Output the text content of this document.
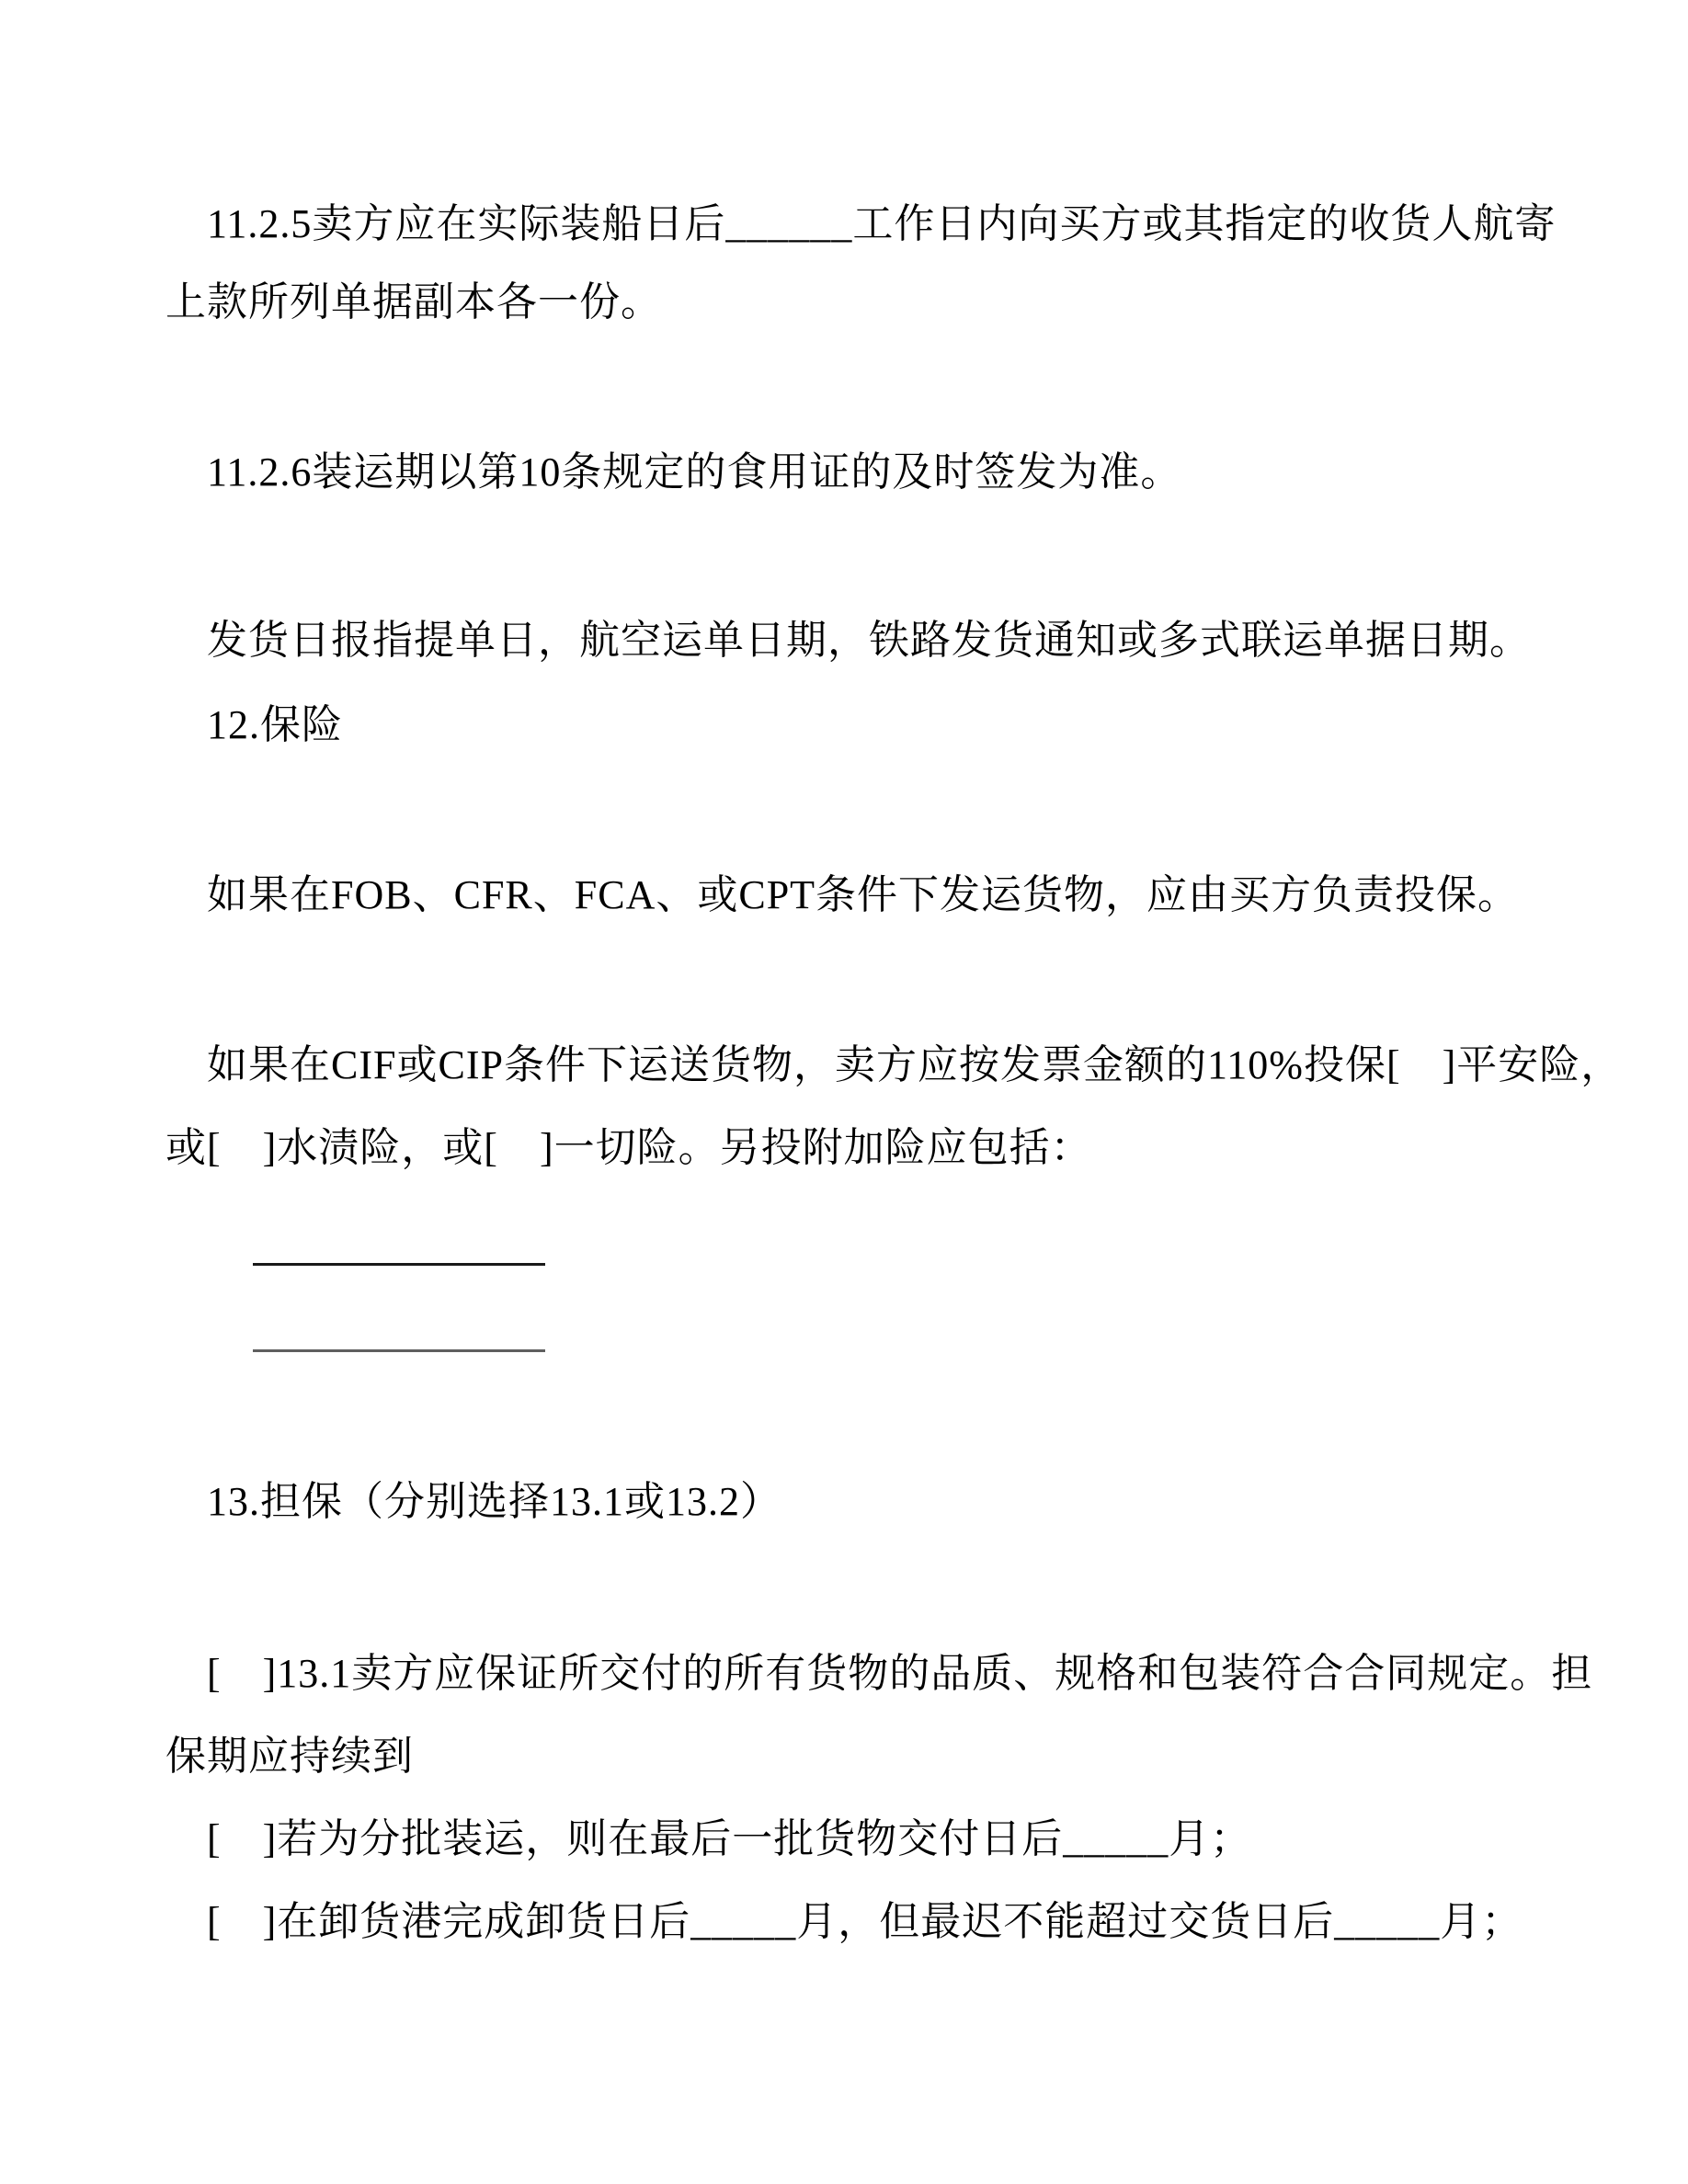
11.2.5卖方应在实际装船日后______工作日内向买方或其指定的收货人航寄
上款所列单据副本各一份。
11.2.6装运期以第10条规定的食用证的及时签发为准。
发货日报指提单日，航空运单日期，铁路发货通知或多式联运单据日期。
12.保险
如果在FOB、CFR、FCA、或CPT条件下发运货物，应由买方负责投保。
如果在CIF或CIP条件下运送货物，卖方应按发票金额的110%投保[　]平安险，
或[　]水渍险，或[　]一切险。另投附加险应包括：
13.担保（分别选择13.1或13.2）
[　]13.1卖方应保证所交付的所有货物的品质、规格和包装符合合同规定。担
保期应持续到
[　]若为分批装运，则在最后一批货物交付日后_____月；
[　]在卸货港完成卸货日后_____月，但最迟不能超过交货日后_____月；
